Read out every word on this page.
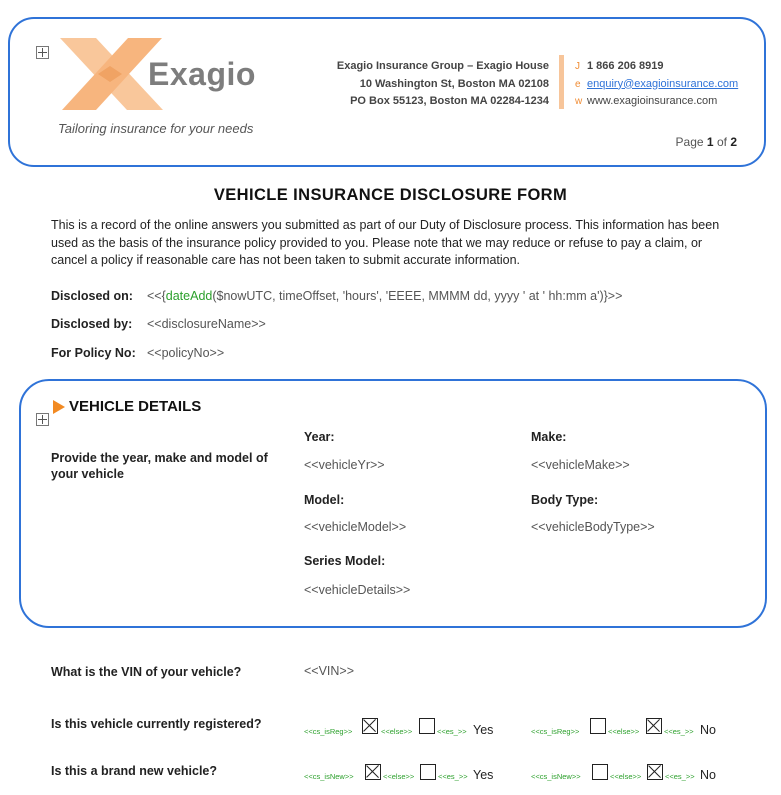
Exagio
Tailoring insurance for your needs
Exagio Insurance Group – Exagio House
10 Washington St, Boston MA 02108
PO Box 55123, Boston MA 02284-1234
J 1 866 206 8919
e enquiry@exagioinsurance.com
w www.exagioinsurance.com
Page 1 of 2
VEHICLE INSURANCE DISCLOSURE FORM
This is a record of the online answers you submitted as part of our Duty of Disclosure process. This information has been used as the basis of the insurance policy provided to you. Please note that we may reduce or refuse to pay a claim, or cancel a policy if reasonable care has not been taken to submit accurate information.
Disclosed on: <<{dateAdd($nowUTC, timeOffset, 'hours', 'EEEE, MMMM dd, yyyy ' at ' hh:mm a')}>>
Disclosed by: <<disclosureName>>
For Policy No: <<policyNo>>
VEHICLE DETAILS
Provide the year, make and model of your vehicle
Year:
<<vehicleYr>>
Make:
<<vehicleMake>>
Model:
<<vehicleModel>>
Body Type:
<<vehicleBodyType>>
Series Model:
<<vehicleDetails>>
What is the VIN of your vehicle?	<<VIN>>
Is this vehicle currently registered?
<<cs_isReg>>	<<else>>	<<es_>> Yes	<<cs_isReg>>	<<else>>	<<es_>> No
Is this a brand new vehicle?	<<cs_isNew>>	<<else>>	<<es_>> Yes	<<cs_isNew>>	<<else>>	<<es_>> No
